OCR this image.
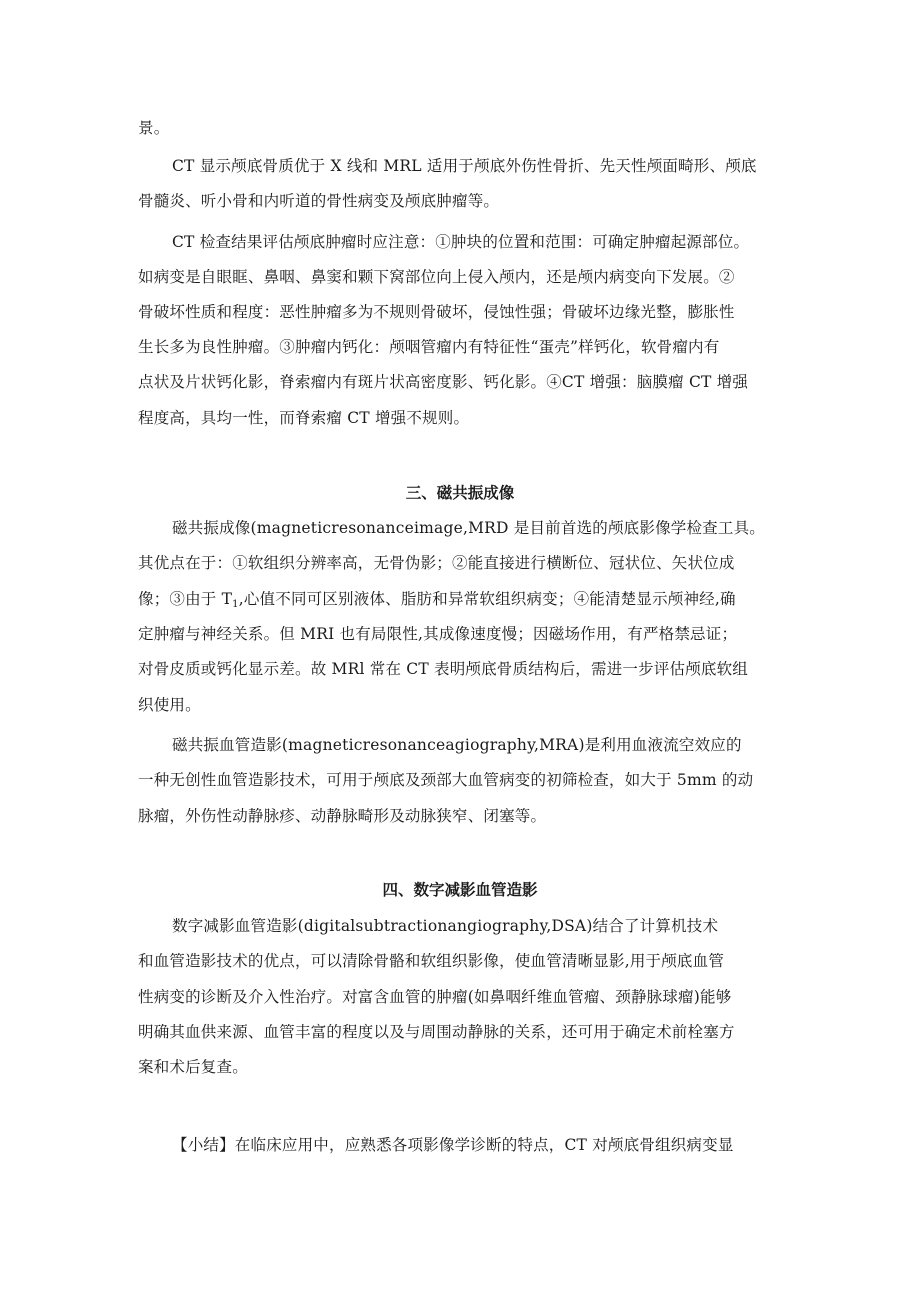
景。
CT 显示颅底骨质优于 X 线和 MRL 适用于颅底外伤性骨折、先天性颅面畸形、颅底
骨髓炎、听小骨和内听道的骨性病变及颅底肿瘤等。
CT 检查结果评估颅底肿瘤时应注意：①肿块的位置和范围：可确定肿瘤起源部位。
如病变是自眼眶、鼻咽、鼻窦和颗下窝部位向上侵入颅内，还是颅内病变向下发展。②
骨破坏性质和程度：恶性肿瘤多为不规则骨破坏，侵蚀性强；骨破坏边缘光整，膨胀性
生长多为良性肿瘤。③肿瘤内钙化：颅咽管瘤内有特征性“蛋壳”样钙化，软骨瘤内有
点状及片状钙化影，脊索瘤内有斑片状高密度影、钙化影。④CT 增强：脑膜瘤 CT 增强
程度高，具均一性，而脊索瘤 CT 增强不规则。
三、磁共振成像
磁共振成像(magneticresonanceimage,MRD 是目前首选的颅底影像学检查工具。
其优点在于：①软组织分辨率高，无骨伪影；②能直接进行横断位、冠状位、矢状位成
像；③由于 $T_1$,心值不同可区别液体、脂肪和异常软组织病变；④能清楚显示颅神经,确
定肿瘤与神经关系。但 MRI 也有局限性,其成像速度慢；因磁场作用，有严格禁忌证；
对骨皮质或钙化显示差。故 MRl 常在 CT 表明颅底骨质结构后，需进一步评估颅底软组
织使用。
磁共振血管造影(magneticresonanceagiography,MRA)是利用血液流空效应的
一种无创性血管造影技术，可用于颅底及颈部大血管病变的初筛检查，如大于 5mm 的动
脉瘤，外伤性动静脉疹、动静脉畸形及动脉狭窄、闭塞等。
四、数字减影血管造影
数字减影血管造影(digitalsubtractionangiography,DSA)结合了计算机技术
和血管造影技术的优点，可以清除骨骼和软组织影像，使血管清晰显影,用于颅底血管
性病变的诊断及介入性治疗。对富含血管的肿瘤(如鼻咽纤维血管瘤、颈静脉球瘤)能够
明确其血供来源、血管丰富的程度以及与周围动静脉的关系，还可用于确定术前栓塞方
案和术后复查。
【小结】在临床应用中，应熟悉各项影像学诊断的特点，CT 对颅底骨组织病变显
